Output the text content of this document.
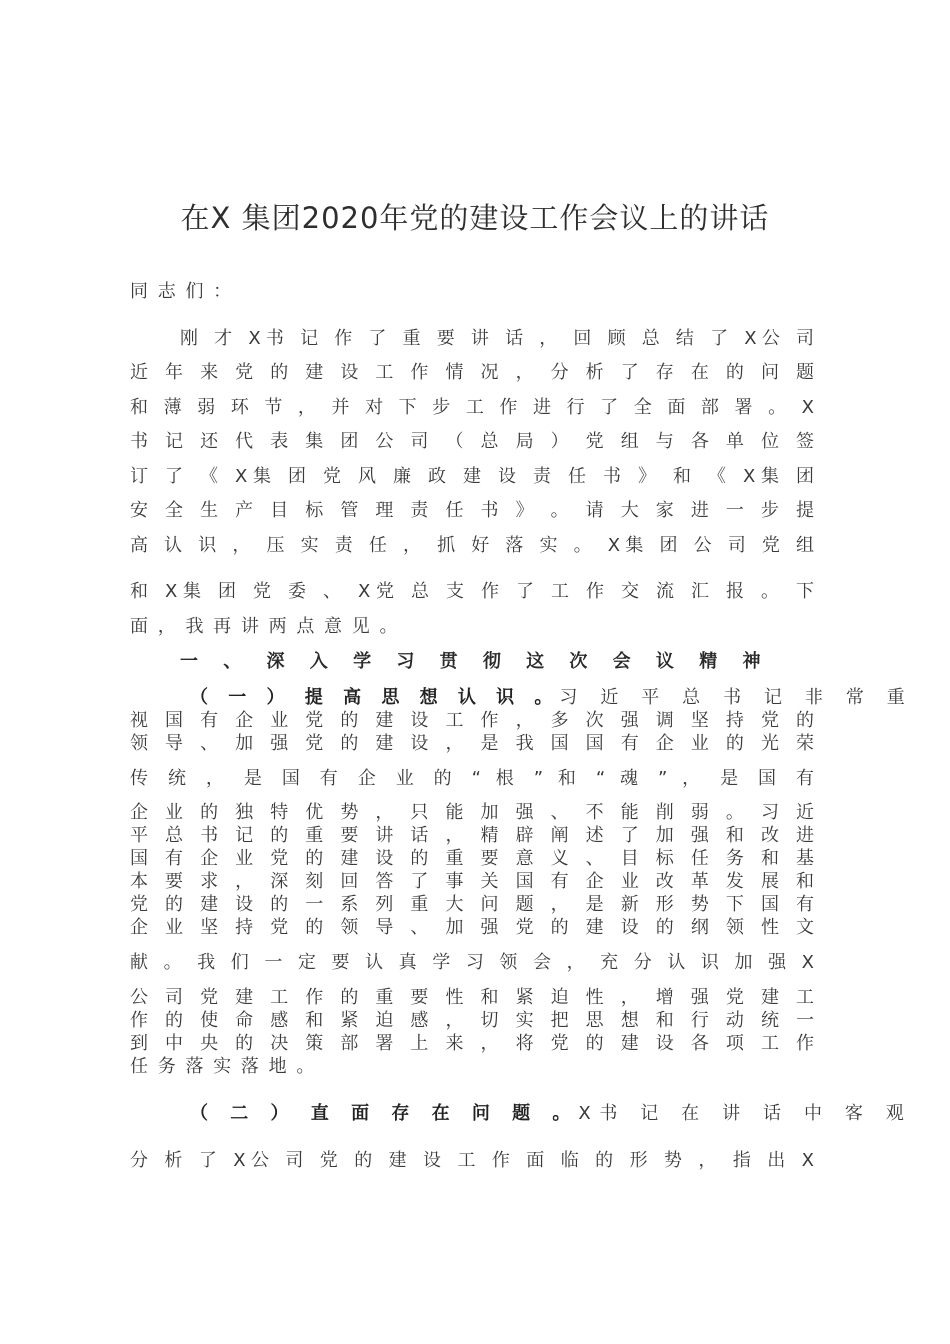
在X 集团2020年党的建设工作会议上的讲话
同 志 们 ：
刚 才 X书 记 作 了 重 要 讲 话 ， 回 顾 总 结 了 X公 司
近 年 来 党 的 建 设 工 作 情 况 ， 分 析 了 存 在 的 问 题
和 薄 弱 环 节 ， 并 对 下 步 工 作 进 行 了 全 面 部 署 。 X
书 记 还 代 表 集 团 公 司 （ 总 局 ） 党 组 与 各 单 位 签
订 了 《 X集 团 党 风 廉 政 建 设 责 任 书 》 和 《 X集 团
安 全 生 产 目 标 管 理 责 任 书 》 。 请 大 家 进 一 步 提
高 认 识 ， 压 实 责 任 ， 抓 好 落 实 。 X集 团 公 司 党 组
和 X集 团 党 委 、 X党 总 支 作 了 工 作 交 流 汇 报 。 下
面 ， 我 再 讲 两 点 意 见 。
一 、 深 入 学 习 贯 彻 这 次 会 议 精 神
（ 一 ） 提 高 思 想 认 识 。习 近 平 总 书 记 非 常 重
视 国 有 企 业 党 的 建 设 工 作 ， 多 次 强 调 坚 持 党 的
领 导 、 加 强 党 的 建 设 ， 是 我 国 国 有 企 业 的 光 荣
传 统 ， 是 国 有 企 业 的 “ 根 ” 和 “ 魂 ” ， 是 国 有
企 业 的 独 特 优 势 ， 只 能 加 强 、 不 能 削 弱 。 习 近
平 总 书 记 的 重 要 讲 话 ， 精 辟 阐 述 了 加 强 和 改 进
国 有 企 业 党 的 建 设 的 重 要 意 义 、 目 标 任 务 和 基
本 要 求 ， 深 刻 回 答 了 事 关 国 有 企 业 改 革 发 展 和
党 的 建 设 的 一 系 列 重 大 问 题 ， 是 新 形 势 下 国 有
企 业 坚 持 党 的 领 导 、 加 强 党 的 建 设 的 纲 领 性 文
献 。 我 们 一 定 要 认 真 学 习 领 会 ， 充 分 认 识 加 强 X
公 司 党 建 工 作 的 重 要 性 和 紧 迫 性 ， 增 强 党 建 工
作 的 使 命 感 和 紧 迫 感 ， 切 实 把 思 想 和 行 动 统 一
到 中 央 的 决 策 部 署 上 来 ， 将 党 的 建 设 各 项 工 作
任 务 落 实 落 地 。
（ 二 ） 直 面 存 在 问 题 。X书 记 在 讲 话 中 客 观
分 析 了 X公 司 党 的 建 设 工 作 面 临 的 形 势 ， 指 出 X
